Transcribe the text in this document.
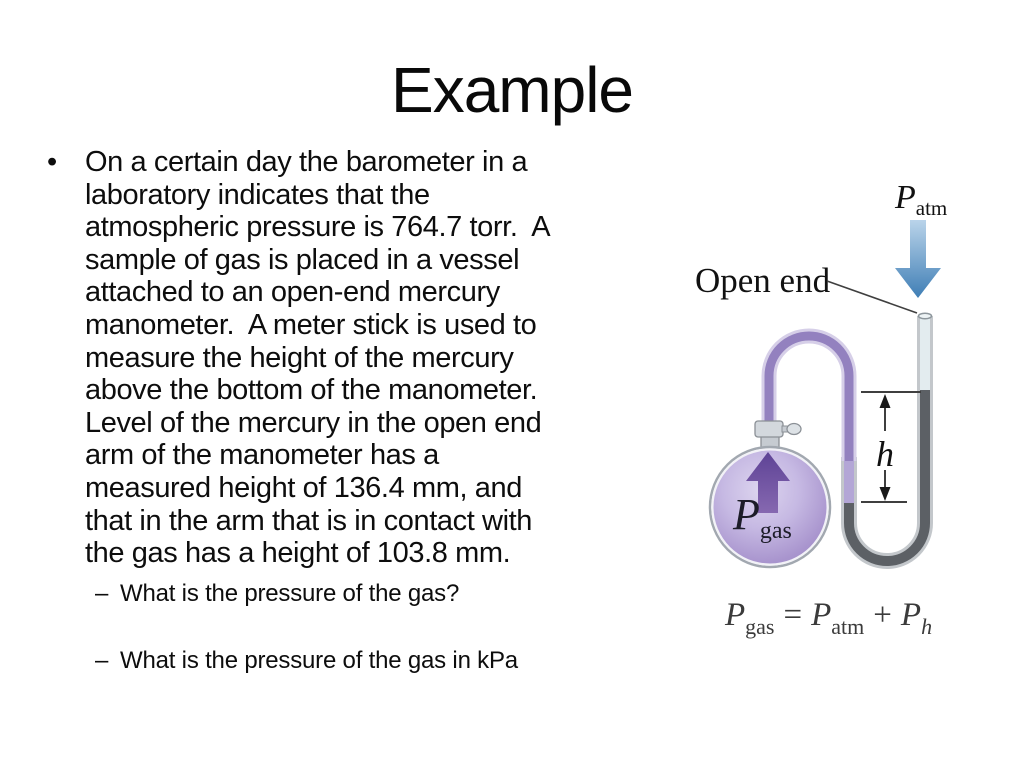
Example
• On a certain day the barometer in a
laboratory indicates that the
atmospheric pressure is 764.7 torr.  A
sample of gas is placed in a vessel
attached to an open-end mercury
manometer.  A meter stick is used to
measure the height of the mercury
above the bottom of the manometer.
Level of the mercury in the open end
arm of the manometer has a
measured height of 136.4 mm, and
that in the arm that is in contact with
the gas has a height of 103.8 mm.
– What is the pressure of the gas?
– What is the pressure of the gas in kPa
$P_{atm}$
Open end
h
$P_{gas}$
$P_{gas} = P_{atm} + P_h$
